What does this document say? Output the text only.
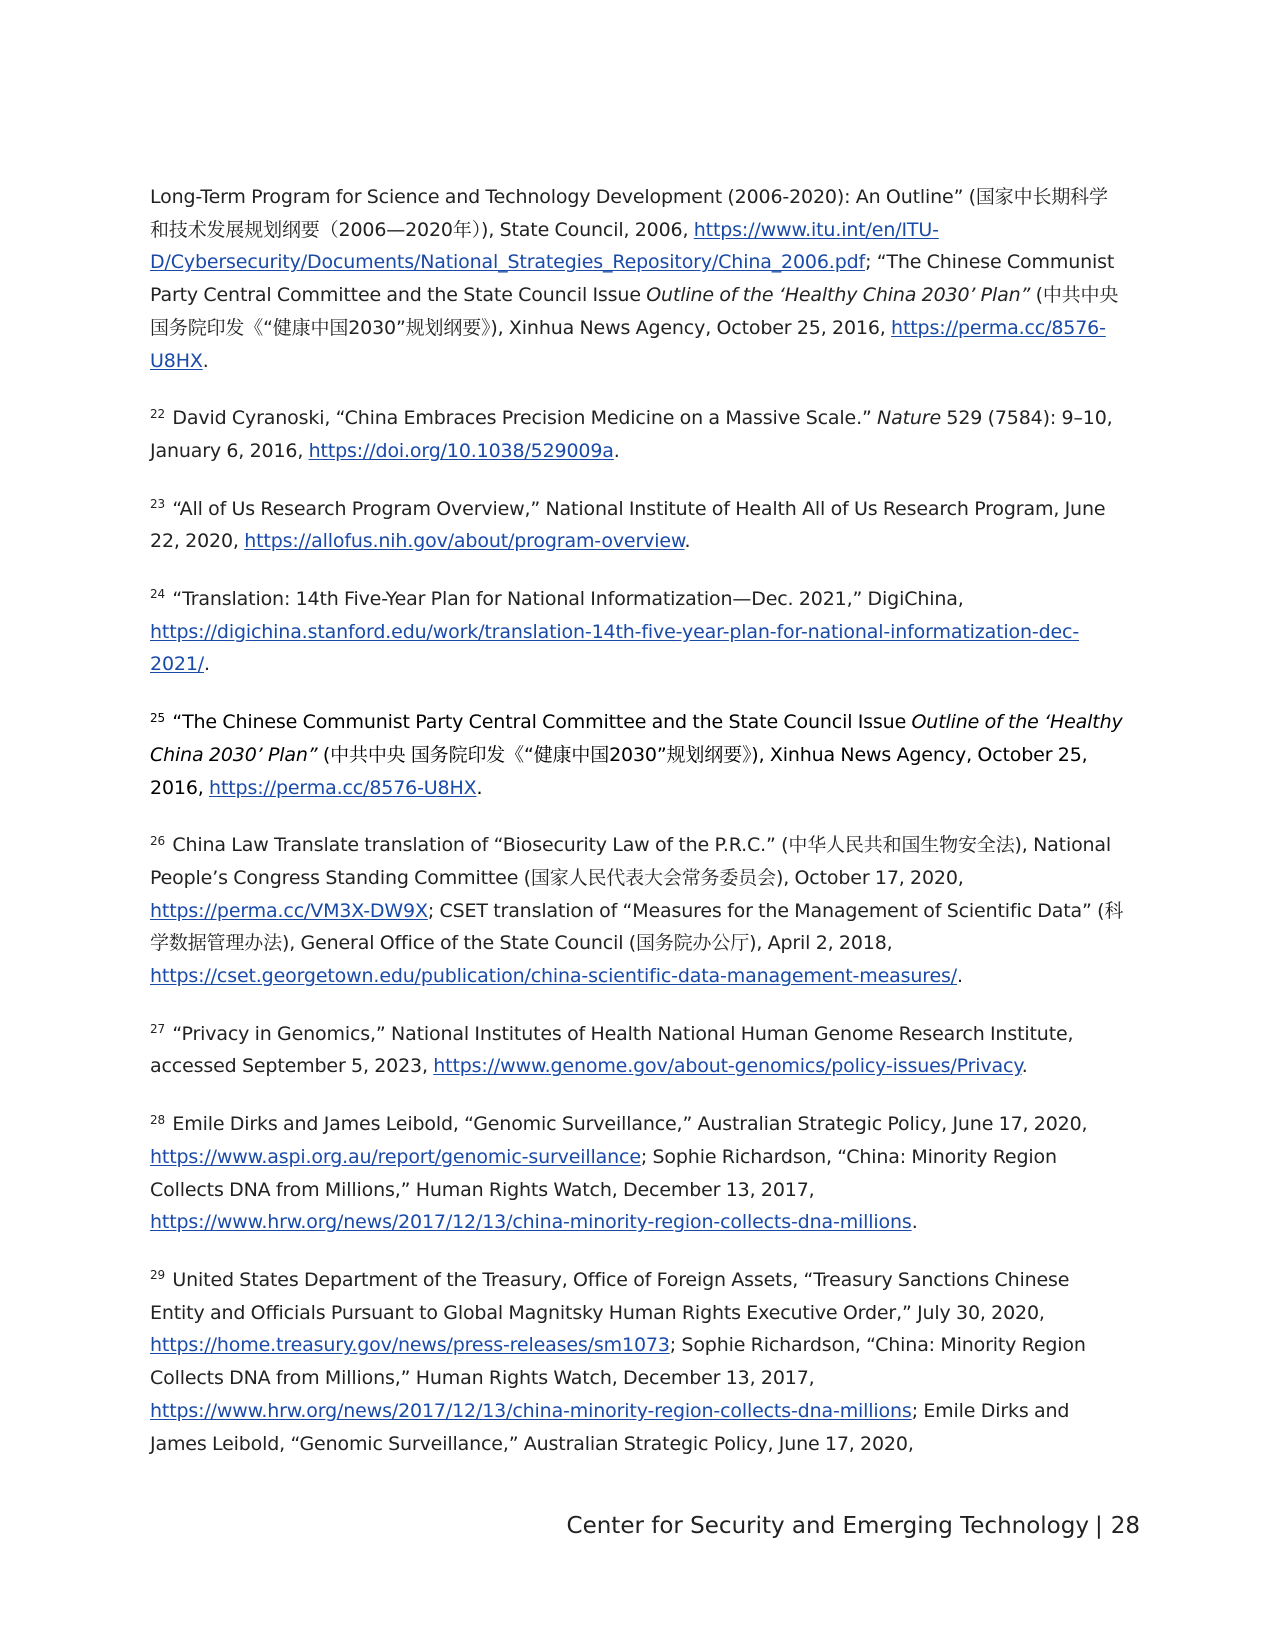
Long-Term Program for Science and Technology Development (2006-2020): An Outline” (国家中长期科学和技术发展规划纲要（2006—2020年）), State Council, 2006, https://www.itu.int/en/ITU-D/Cybersecurity/Documents/National_Strategies_Repository/China_2006.pdf; “The Chinese Communist Party Central Committee and the State Council Issue Outline of the ‘Healthy China 2030’ Plan” (中共中央 国务院印发《“健康中国2030”规划纲要》), Xinhua News Agency, October 25, 2016, https://perma.cc/8576-U8HX.

$^{22}$ David Cyranoski, “China Embraces Precision Medicine on a Massive Scale.” Nature 529 (7584): 9–10, January 6, 2016, https://doi.org/10.1038/529009a.

$^{23}$ “All of Us Research Program Overview,” National Institute of Health All of Us Research Program, June 22, 2020, https://allofus.nih.gov/about/program-overview.

$^{24}$ “Translation: 14th Five-Year Plan for National Informatization—Dec. 2021,” DigiChina, https://digichina.stanford.edu/work/translation-14th-five-year-plan-for-national-informatization-dec-2021/.

$^{25}$ “The Chinese Communist Party Central Committee and the State Council Issue Outline of the ‘Healthy China 2030’ Plan” (中共中央 国务院印发《“健康中国2030”规划纲要》), Xinhua News Agency, October 25, 2016, https://perma.cc/8576-U8HX.

$^{26}$ China Law Translate translation of “Biosecurity Law of the P.R.C.” (中华人民共和国生物安全法), National People’s Congress Standing Committee (国家人民代表大会常务委员会), October 17, 2020, https://perma.cc/VM3X-DW9X; CSET translation of “Measures for the Management of Scientific Data” (科学数据管理办法), General Office of the State Council (国务院办公厅), April 2, 2018, https://cset.georgetown.edu/publication/china-scientific-data-management-measures/.

$^{27}$ “Privacy in Genomics,” National Institutes of Health National Human Genome Research Institute, accessed September 5, 2023, https://www.genome.gov/about-genomics/policy-issues/Privacy.

$^{28}$ Emile Dirks and James Leibold, “Genomic Surveillance,” Australian Strategic Policy, June 17, 2020, https://www.aspi.org.au/report/genomic-surveillance; Sophie Richardson, “China: Minority Region Collects DNA from Millions,” Human Rights Watch, December 13, 2017, https://www.hrw.org/news/2017/12/13/china-minority-region-collects-dna-millions.

$^{29}$ United States Department of the Treasury, Office of Foreign Assets, “Treasury Sanctions Chinese Entity and Officials Pursuant to Global Magnitsky Human Rights Executive Order,” July 30, 2020, https://home.treasury.gov/news/press-releases/sm1073; Sophie Richardson, “China: Minority Region Collects DNA from Millions,” Human Rights Watch, December 13, 2017, https://www.hrw.org/news/2017/12/13/china-minority-region-collects-dna-millions; Emile Dirks and James Leibold, “Genomic Surveillance,” Australian Strategic Policy, June 17, 2020,

Center for Security and Emerging Technology | 28
